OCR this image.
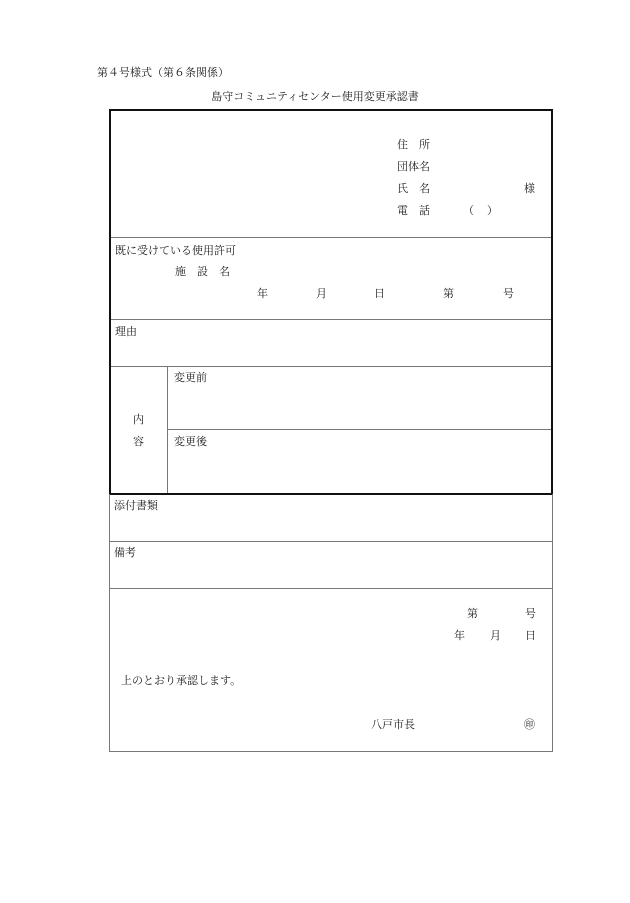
第４号様式（第６条関係）
島守コミュニティセンター使用変更承認書
住　所
団体名
氏　名	様
電　話	（ ）
既に受けている使用許可
施　設　名
年	月	日	第	号
理由
内
容
変更前
変更後
添付書類
備考
第	号
年 月 日
上のとおり承認します。
八戸市長	㊞
